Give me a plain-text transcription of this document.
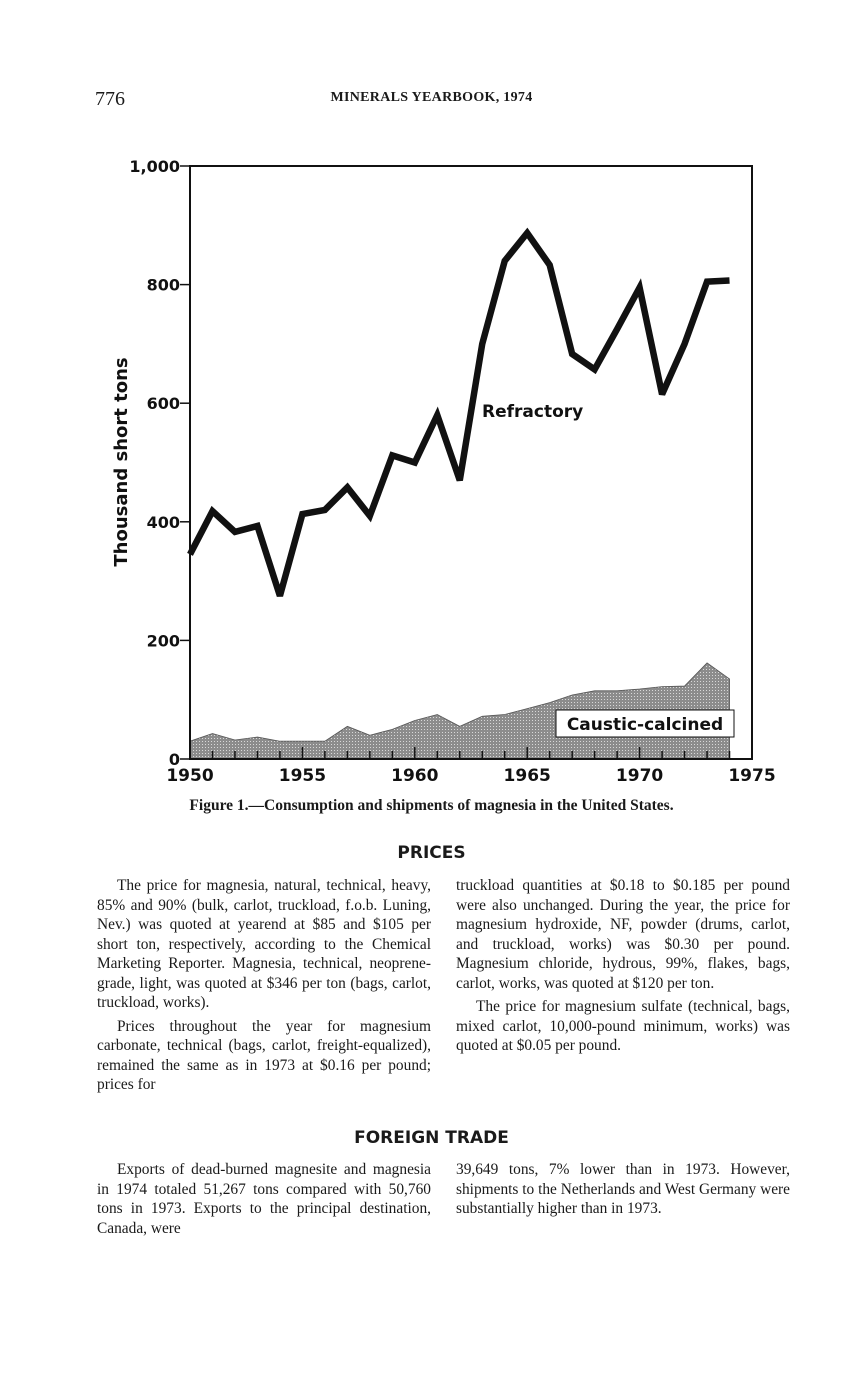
776	MINERALS YEARBOOK, 1974
0
200
400
600
800
1,000
1950	1955	1960	1965	1970	1975
Thousand short tons	Refractory
Caustic-calcined
Figure 1.—Consumption and shipments of magnesia in the United States.
PRICES

The price for magnesia, natural, technical, heavy, 85% and 90% (bulk, carlot, truckload, f.o.b. Luning, Nev.) was quoted at yearend at $85 and $105 per short ton, respectively, according to the Chemical Marketing Reporter. Magnesia, technical, neoprene-grade, light, was quoted at $346 per ton (bags, carlot, truckload, works).

Prices throughout the year for magnesium carbonate, technical (bags, carlot, freight-equalized), remained the same as in 1973 at $0.16 per pound; prices for

truckload quantities at $0.18 to $0.185 per pound were also unchanged. During the year, the price for magnesium hydroxide, NF, powder (drums, carlot, and truckload, works) was $0.30 per pound. Magnesium chloride, hydrous, 99%, flakes, bags, carlot, works, was quoted at $120 per ton.

The price for magnesium sulfate (technical, bags, mixed carlot, 10,000-pound minimum, works) was quoted at $0.05 per pound.

FOREIGN TRADE

Exports of dead-burned magnesite and magnesia in 1974 totaled 51,267 tons compared with 50,760 tons in 1973. Exports to the principal destination, Canada, were

39,649 tons, 7% lower than in 1973. However, shipments to the Netherlands and West Germany were substantially higher than in 1973.
